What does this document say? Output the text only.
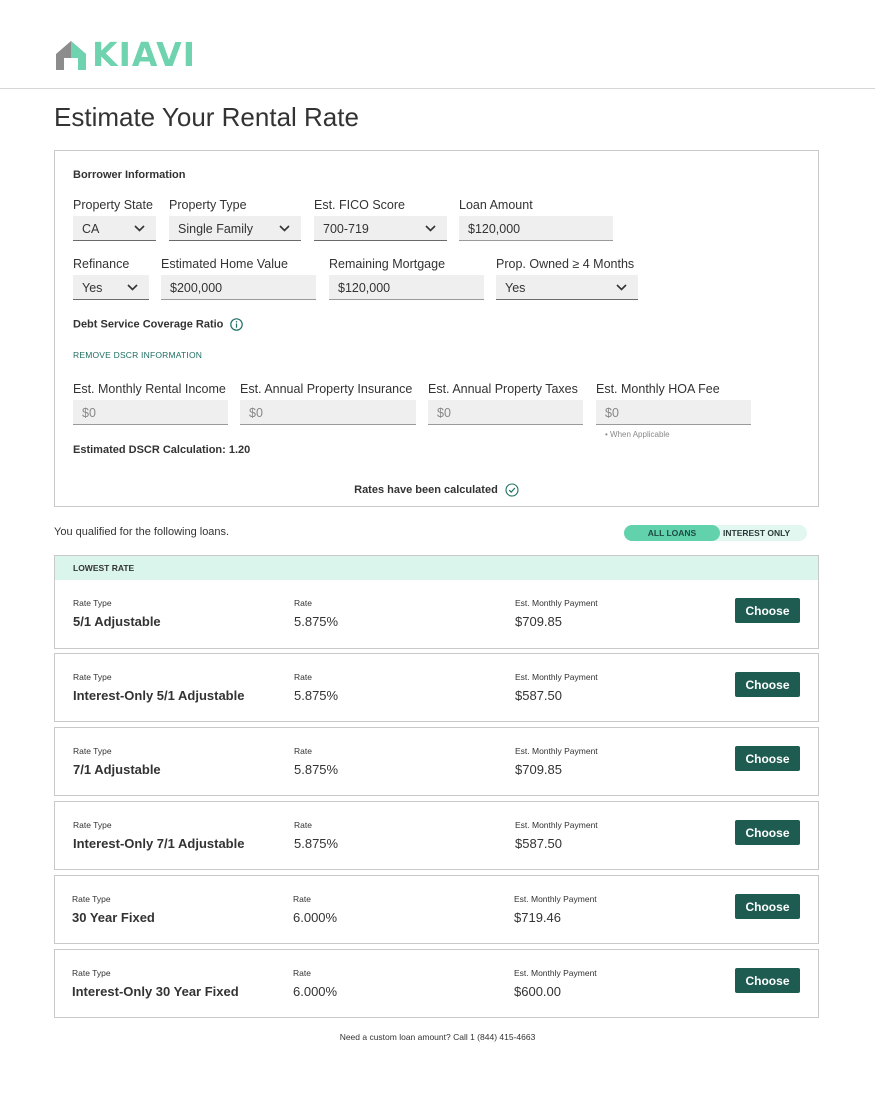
KIAVI
Estimate Your Rental Rate
Borrower Information
Property State
CA
Property Type
Single Family
Est. FICO Score
700-719
Loan Amount
$120,000
Refinance
Yes
Estimated Home Value
$200,000
Remaining Mortgage
$120,000
Prop. Owned ≥ 4 Months
Yes
Debt Service Coverage Ratio
REMOVE DSCR INFORMATION
Est. Monthly Rental Income
$0
Est. Annual Property Insurance
$0
Est. Annual Property Taxes
$0
Est. Monthly HOA Fee
$0
• When Applicable
Estimated DSCR Calculation: 1.20
Rates have been calculated
You qualified for the following loans.	ALL LOANS	INTEREST ONLY
LOWEST RATE
Rate Type
5/1 Adjustable
Rate
5.875%
Est. Monthly Payment
$709.85
Choose
Rate Type
Interest-Only 5/1 Adjustable
Rate
5.875%
Est. Monthly Payment
$587.50
Choose
Rate Type
7/1 Adjustable
Rate
5.875%
Est. Monthly Payment
$709.85
Choose
Rate Type
Interest-Only 7/1 Adjustable
Rate
5.875%
Est. Monthly Payment
$587.50
Choose
Rate Type
30 Year Fixed
Rate
6.000%
Est. Monthly Payment
$719.46
Choose
Rate Type
Interest-Only 30 Year Fixed
Rate
6.000%
Est. Monthly Payment
$600.00
Choose
Need a custom loan amount? Call 1 (844) 415-4663
